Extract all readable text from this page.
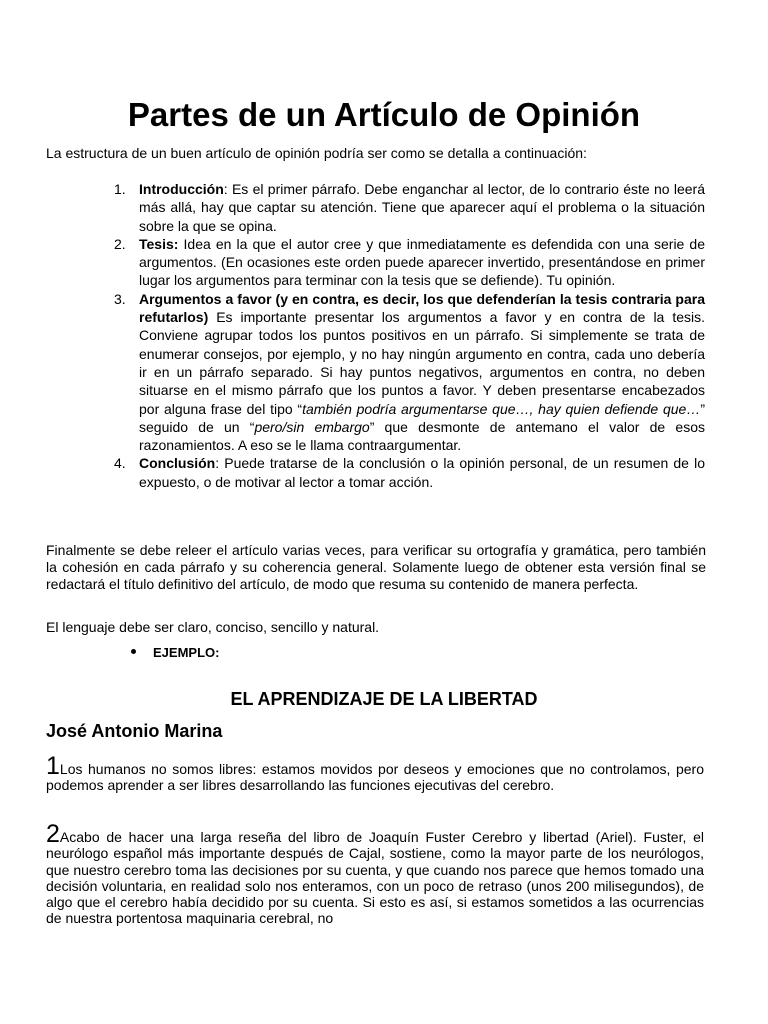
Partes de un Artículo de Opinión

La estructura de un buen artículo de opinión podría ser como se detalla a continuación:

1. Introducción: Es el primer párrafo. Debe enganchar al lector, de lo contrario éste no leerá más allá, hay que captar su atención. Tiene que aparecer aquí el problema o la situación sobre la que se opina.
2. Tesis: Idea en la que el autor cree y que inmediatamente es defendida con una serie de argumentos. (En ocasiones este orden puede aparecer invertido, presentándose en primer lugar los argumentos para terminar con la tesis que se defiende). Tu opinión.
3. Argumentos a favor (y en contra, es decir, los que defenderían la tesis contraria para refutarlos) Es importante presentar los argumentos a favor y en contra de la tesis. Conviene agrupar todos los puntos positivos en un párrafo. Si simplemente se trata de enumerar consejos, por ejemplo, y no hay ningún argumento en contra, cada uno debería ir en un párrafo separado. Si hay puntos negativos, argumentos en contra, no deben situarse en el mismo párrafo que los puntos a favor. Y deben presentarse encabezados por alguna frase del tipo “también podría argumentarse que…, hay quien defiende que…” seguido de un “pero/sin embargo” que desmonte de antemano el valor de esos razonamientos. A eso se le llama contraargumentar.
4. Conclusión: Puede tratarse de la conclusión o la opinión personal, de un resumen de lo expuesto, o de motivar al lector a tomar acción.

Finalmente se debe releer el artículo varias veces, para verificar su ortografía y gramática, pero también la cohesión en cada párrafo y su coherencia general. Solamente luego de obtener esta versión final se redactará el título definitivo del artículo, de modo que resuma su contenido de manera perfecta.

El lenguaje debe ser claro, conciso, sencillo y natural.

EJEMPLO:

EL APRENDIZAJE DE LA LIBERTAD

José Antonio Marina

1Los humanos no somos libres: estamos movidos por deseos y emociones que no controlamos, pero podemos aprender a ser libres desarrollando las funciones ejecutivas del cerebro.

2Acabo de hacer una larga reseña del libro de Joaquín Fuster Cerebro y libertad (Ariel). Fuster, el neurólogo español más importante después de Cajal, sostiene, como la mayor parte de los neurólogos, que nuestro cerebro toma las decisiones por su cuenta, y que cuando nos parece que hemos tomado una decisión voluntaria, en realidad solo nos enteramos, con un poco de retraso (unos 200 milisegundos), de algo que el cerebro había decidido por su cuenta. Si esto es así, si estamos sometidos a las ocurrencias de nuestra portentosa maquinaria cerebral, no
